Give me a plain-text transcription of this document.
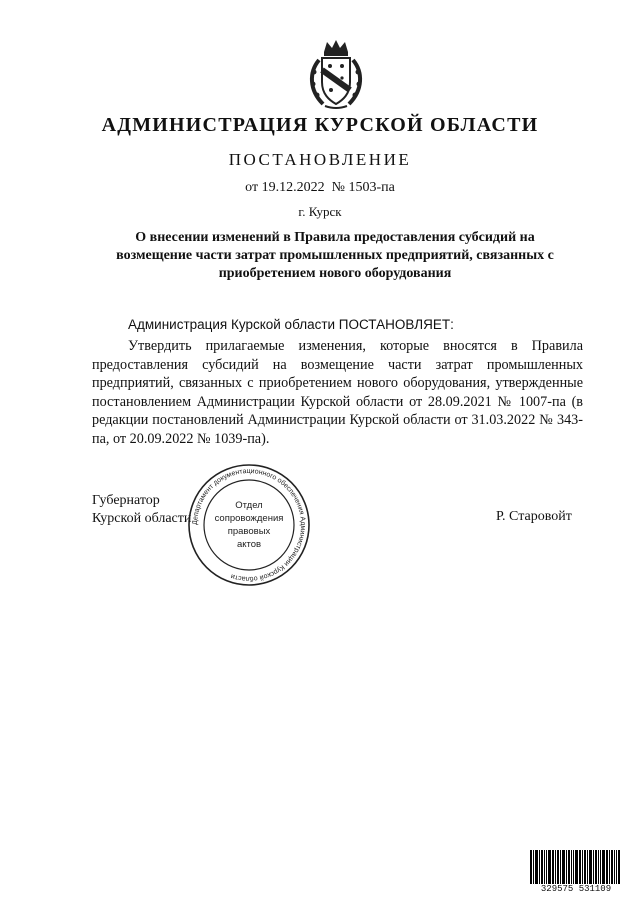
АДМИНИСТРАЦИЯ КУРСКОЙ ОБЛАСТИ
ПОСТАНОВЛЕНИЕ
от 19.12.2022  № 1503-па
г. Курск
О внесении изменений в Правила предоставления субсидий на возмещение части затрат промышленных предприятий, связанных с приобретением нового оборудования
Администрация Курской области ПОСТАНОВЛЯЕТ:
Утвердить прилагаемые изменения, которые вносятся в Правила предоставления субсидий на возмещение части затрат промышленных предприятий, связанных с приобретением нового оборудования, утвержденные постановлением Администрации Курской области от 28.09.2021 № 1007-па (в редакции постановлений Администрации Курской области от 31.03.2022 № 343-па, от 20.09.2022 № 1039-па).
Губернатор
Курской области	Р. Старовойт
Департамент документационного обеспечения Администрации Курской области
Отдел
сопровождения
правовых
актов
329575 531109
